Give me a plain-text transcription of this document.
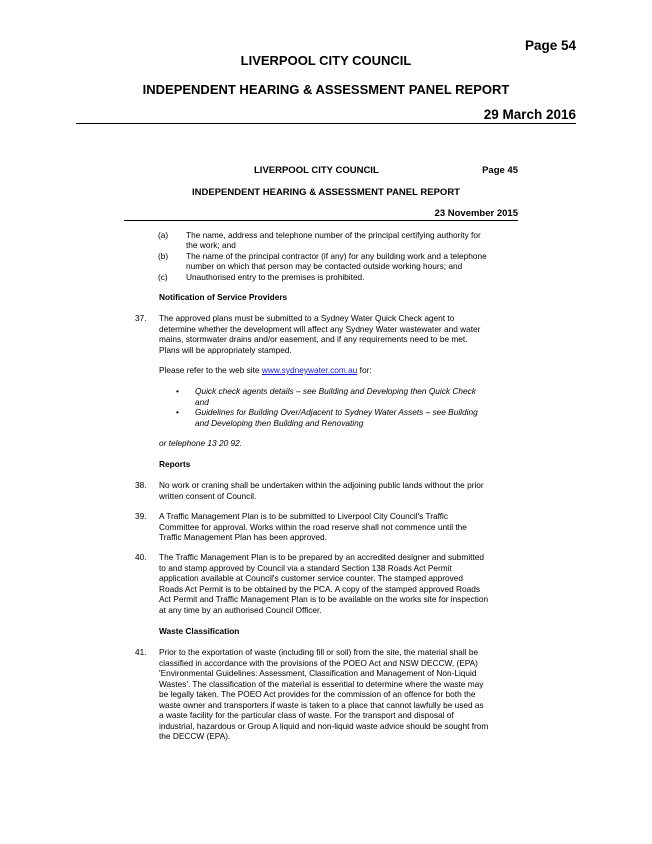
Page 54
LIVERPOOL CITY COUNCIL
INDEPENDENT HEARING & ASSESSMENT PANEL REPORT
29 March 2016
LIVERPOOL CITY COUNCIL	Page 45
INDEPENDENT HEARING & ASSESSMENT PANEL REPORT
23 November 2015
(a) The name, address and telephone number of the principal certifying authority for
the work; and
(b) The name of the principal contractor (if any) for any building work and a telephone
number on which that person may be contacted outside working hours; and
(c) Unauthorised entry to the premises is prohibited.
Notification of Service Providers
37. The approved plans must be submitted to a Sydney Water Quick Check agent to
determine whether the development will affect any Sydney Water wastewater and water
mains, stormwater drains and/or easement, and if any requirements need to be met.
Plans will be appropriately stamped.
Please refer to the web site www.sydneywater.com.au for:
• Quick check agents details – see Building and Developing then Quick Check
and
• Guidelines for Building Over/Adjacent to Sydney Water Assets – see Building
and Developing then Building and Renovating
or telephone 13 20 92.
Reports
38. No work or craning shall be undertaken within the adjoining public lands without the prior
written consent of Council.
39. A Traffic Management Plan is to be submitted to Liverpool City Council's Traffic
Committee for approval. Works within the road reserve shall not commence until the
Traffic Management Plan has been approved.
40. The Traffic Management Plan is to be prepared by an accredited designer and submitted
to and stamp approved by Council via a standard Section 138 Roads Act Permit
application available at Council's customer service counter. The stamped approved
Roads Act Permit is to be obtained by the PCA. A copy of the stamped approved Roads
Act Permit and Traffic Management Plan is to be available on the works site for inspection
at any time by an authorised Council Officer.
Waste Classification
41. Prior to the exportation of waste (including fill or soil) from the site, the material shall be
classified in accordance with the provisions of the POEO Act and NSW DECCW, (EPA)
'Environmental Guidelines: Assessment, Classification and Management of Non-Liquid
Wastes'. The classification of the material is essential to determine where the waste may
be legally taken. The POEO Act provides for the commission of an offence for both the
waste owner and transporters if waste is taken to a place that cannot lawfully be used as
a waste facility for the particular class of waste. For the transport and disposal of
industrial, hazardous or Group A liquid and non-liquid waste advice should be sought from
the DECCW (EPA).
